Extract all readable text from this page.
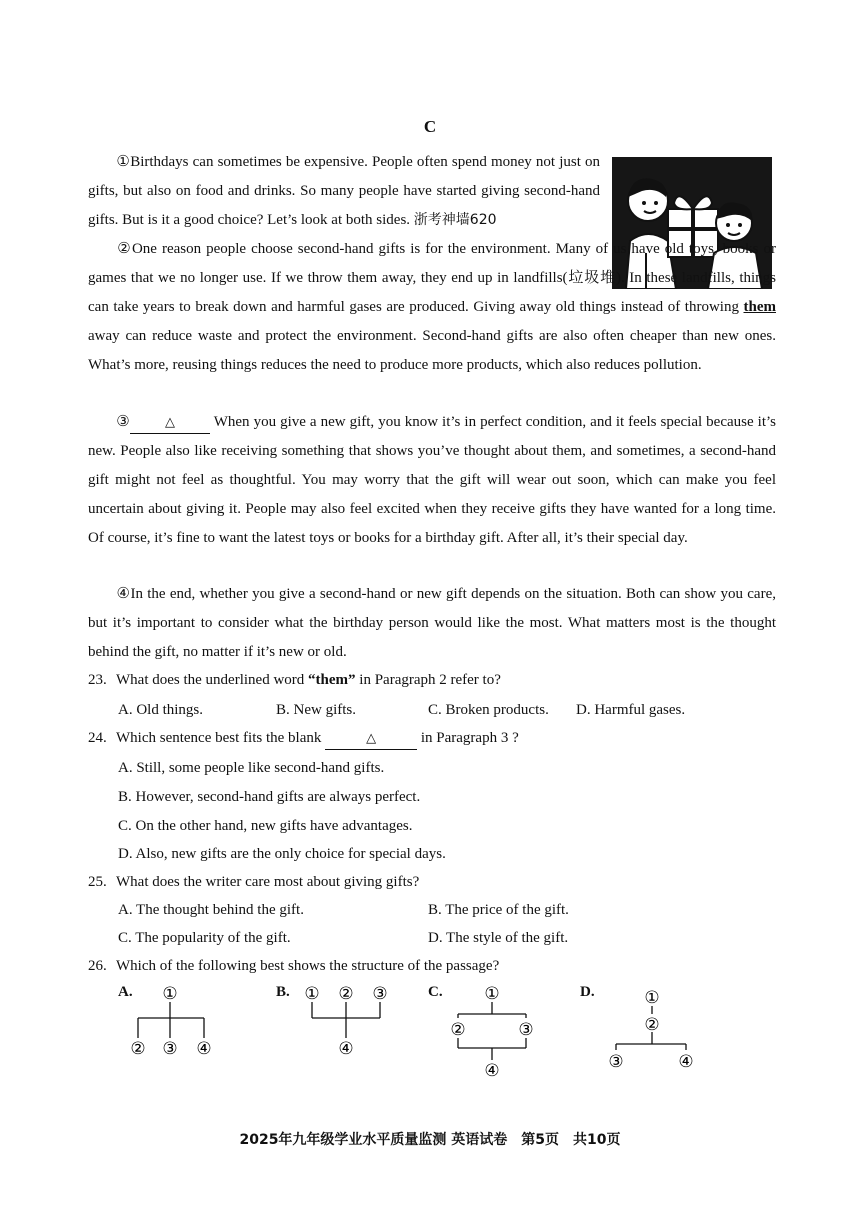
C
①Birthdays can sometimes be expensive. People often spend money not just on gifts, but also on food and drinks. So many people have started giving second-hand gifts. But is it a good choice? Let’s look at both sides. 浙考神墙620
②One reason people choose second-hand gifts is for the environment. Many of us have old toys, books or games that we no longer use. If we throw them away, they end up in landfills(垃圾堆). In these landfills, things can take years to break down and harmful gases are produced. Giving away old things instead of throwing them away can reduce waste and protect the environment. Second-hand gifts are also often cheaper than new ones. What’s more, reusing things reduces the need to produce more products, which also reduces pollution.
③	△	When you give a new gift, you know it’s in perfect condition, and it feels special because it’s new. People also like receiving something that shows you’ve thought about them, and sometimes, a second-hand gift might not feel as thoughtful. You may worry that the gift will wear out soon, which can make you feel uncertain about giving it. People may also feel excited when they receive gifts they have wanted for a long time. Of course, it’s fine to want the latest toys or books for a birthday gift. After all, it’s their special day.
④In the end, whether you give a second-hand or new gift depends on the situation. Both can show you care, but it’s important to consider what the birthday person would like the most. What matters most is the thought behind the gift, no matter if it’s new or old.
23. What does the underlined word “them” in Paragraph 2 refer to?
A. Old things.	B. New gifts.	C. Broken products. D. Harmful gases.
24. Which sentence best fits the blank	△	in Paragraph 3 ?
A. Still, some people like second-hand gifts.
B. However, second-hand gifts are always perfect.
C. On the other hand, new gifts have advantages.
D. Also, new gifts are the only choice for special days.
25. What does the writer care most about giving gifts?
A. The thought behind the gift.	B. The price of the gift.
C. The popularity of the gift.	D. The style of the gift.
26. Which of the following best shows the structure of the passage?
A. ①
② ③ ④
B. ① ② ③
④
C. ①
②	③
④
D.	①
②
③	④
2025年九年级学业水平质量监测 英语试卷　第5页　共10页
